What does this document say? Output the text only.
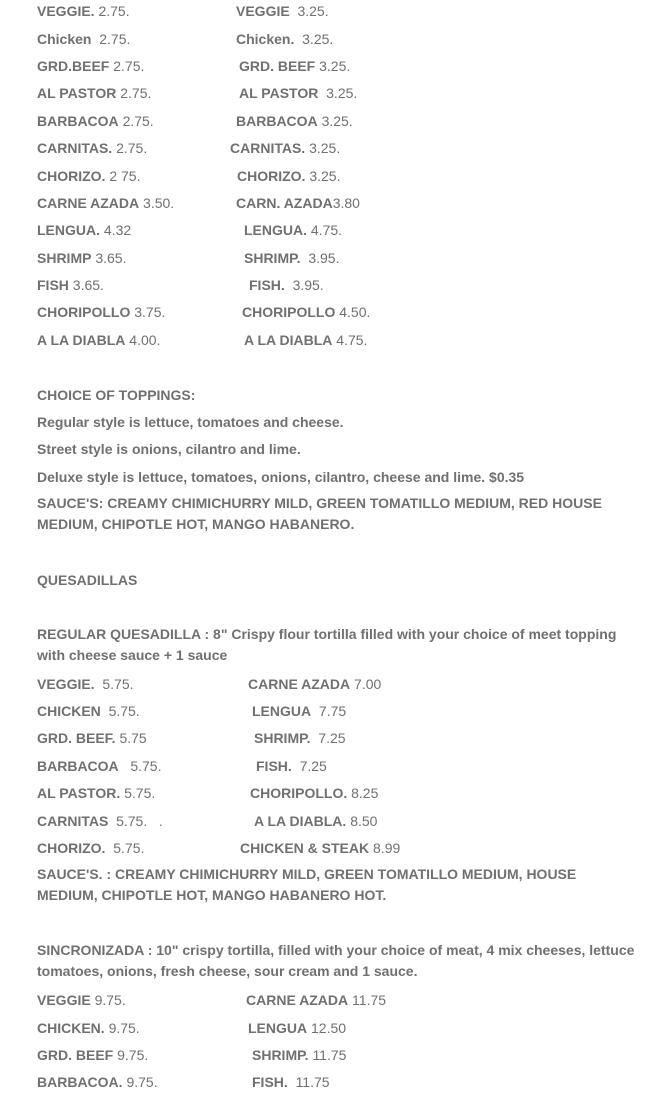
VEGGIE. 2.75.	VEGGIE 3.25.
Chicken 2.75.	Chicken. 3.25.
GRD.BEEF 2.75.	GRD. BEEF 3.25.
AL PASTOR 2.75.	AL PASTOR 3.25.
BARBACOA 2.75.	BARBACOA 3.25.
CARNITAS. 2.75.	CARNITAS. 3.25.
CHORIZO. 2 75.	CHORIZO. 3.25.
CARNE AZADA 3.50.	CARN. AZADA3.80
LENGUA. 4.32	LENGUA. 4.75.
SHRIMP 3.65.	SHRIMP. 3.95.
FISH 3.65.	FISH. 3.95.
CHORIPOLLO 3.75.	CHORIPOLLO 4.50.
A LA DIABLA 4.00.	A LA DIABLA 4.75.
CHOICE OF TOPPINGS:
Regular style is lettuce, tomatoes and cheese.
Street style is onions, cilantro and lime.
Deluxe style is lettuce, tomatoes, onions, cilantro, cheese and lime. $0.35
SAUCE'S: CREAMY CHIMICHURRY MILD, GREEN TOMATILLO MEDIUM, RED HOUSE MEDIUM, CHIPOTLE HOT, MANGO HABANERO.
QUESADILLAS
REGULAR QUESADILLA : 8" Crispy flour tortilla filled with your choice of meet topping with cheese sauce + 1 sauce
VEGGIE. 5.75.	CARNE AZADA 7.00
CHICKEN 5.75.	LENGUA 7.75
GRD. BEEF. 5.75	SHRIMP. 7.25
BARBACOA 5.75.	FISH. 7.25
AL PASTOR. 5.75.	CHORIPOLLO. 8.25
CARNITAS 5.75.   .	A LA DIABLA. 8.50
CHORIZO. 5.75.	CHICKEN & STEAK 8.99
SAUCE'S. : CREAMY CHIMICHURRY MILD, GREEN TOMATILLO MEDIUM, HOUSE MEDIUM, CHIPOTLE HOT, MANGO HABANERO HOT.
SINCRONIZADA : 10" crispy tortilla, filled with your choice of meat, 4 mix cheeses, lettuce tomatoes, onions, fresh cheese, sour cream and 1 sauce.
VEGGIE 9.75.	CARNE AZADA 11.75
CHICKEN. 9.75.	LENGUA 12.50
GRD. BEEF 9.75.	SHRIMP. 11.75
BARBACOA. 9.75.	FISH. 11.75
